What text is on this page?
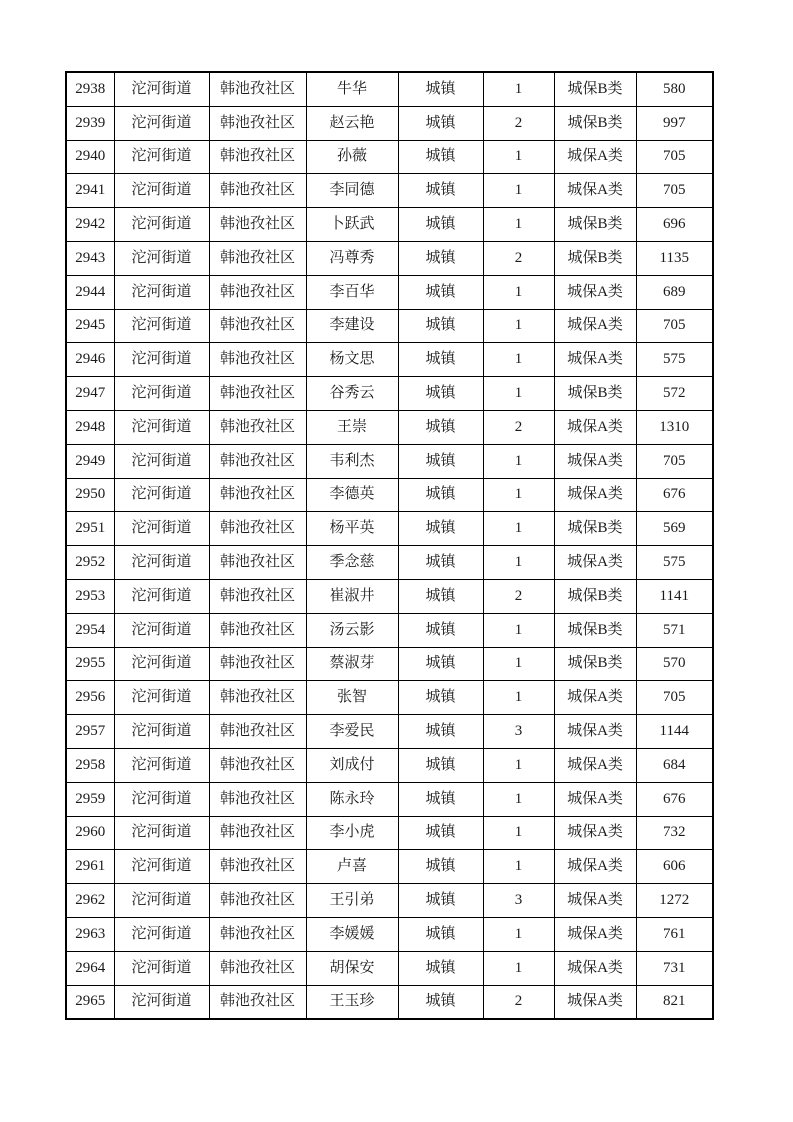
2938	沱河街道	韩池孜社区	牛华	城镇	1	城保B类	580
2939	沱河街道	韩池孜社区	赵云艳	城镇	2	城保B类	997
2940	沱河街道	韩池孜社区	孙薇	城镇	1	城保A类	705
2941	沱河街道	韩池孜社区	李同德	城镇	1	城保A类	705
2942	沱河街道	韩池孜社区	卜跃武	城镇	1	城保B类	696
2943	沱河街道	韩池孜社区	冯尊秀	城镇	2	城保B类	1135
2944	沱河街道	韩池孜社区	李百华	城镇	1	城保A类	689
2945	沱河街道	韩池孜社区	李建设	城镇	1	城保A类	705
2946	沱河街道	韩池孜社区	杨文思	城镇	1	城保A类	575
2947	沱河街道	韩池孜社区	谷秀云	城镇	1	城保B类	572
2948	沱河街道	韩池孜社区	王崇	城镇	2	城保A类	1310
2949	沱河街道	韩池孜社区	韦利杰	城镇	1	城保A类	705
2950	沱河街道	韩池孜社区	李德英	城镇	1	城保A类	676
2951	沱河街道	韩池孜社区	杨平英	城镇	1	城保B类	569
2952	沱河街道	韩池孜社区	季念慈	城镇	1	城保A类	575
2953	沱河街道	韩池孜社区	崔淑井	城镇	2	城保B类	1141
2954	沱河街道	韩池孜社区	汤云影	城镇	1	城保B类	571
2955	沱河街道	韩池孜社区	蔡淑芽	城镇	1	城保B类	570
2956	沱河街道	韩池孜社区	张智	城镇	1	城保A类	705
2957	沱河街道	韩池孜社区	李爱民	城镇	3	城保A类	1144
2958	沱河街道	韩池孜社区	刘成付	城镇	1	城保A类	684
2959	沱河街道	韩池孜社区	陈永玲	城镇	1	城保A类	676
2960	沱河街道	韩池孜社区	李小虎	城镇	1	城保A类	732
2961	沱河街道	韩池孜社区	卢喜	城镇	1	城保A类	606
2962	沱河街道	韩池孜社区	王引弟	城镇	3	城保A类	1272
2963	沱河街道	韩池孜社区	李媛媛	城镇	1	城保A类	761
2964	沱河街道	韩池孜社区	胡保安	城镇	1	城保A类	731
2965	沱河街道	韩池孜社区	王玉珍	城镇	2	城保A类	821
